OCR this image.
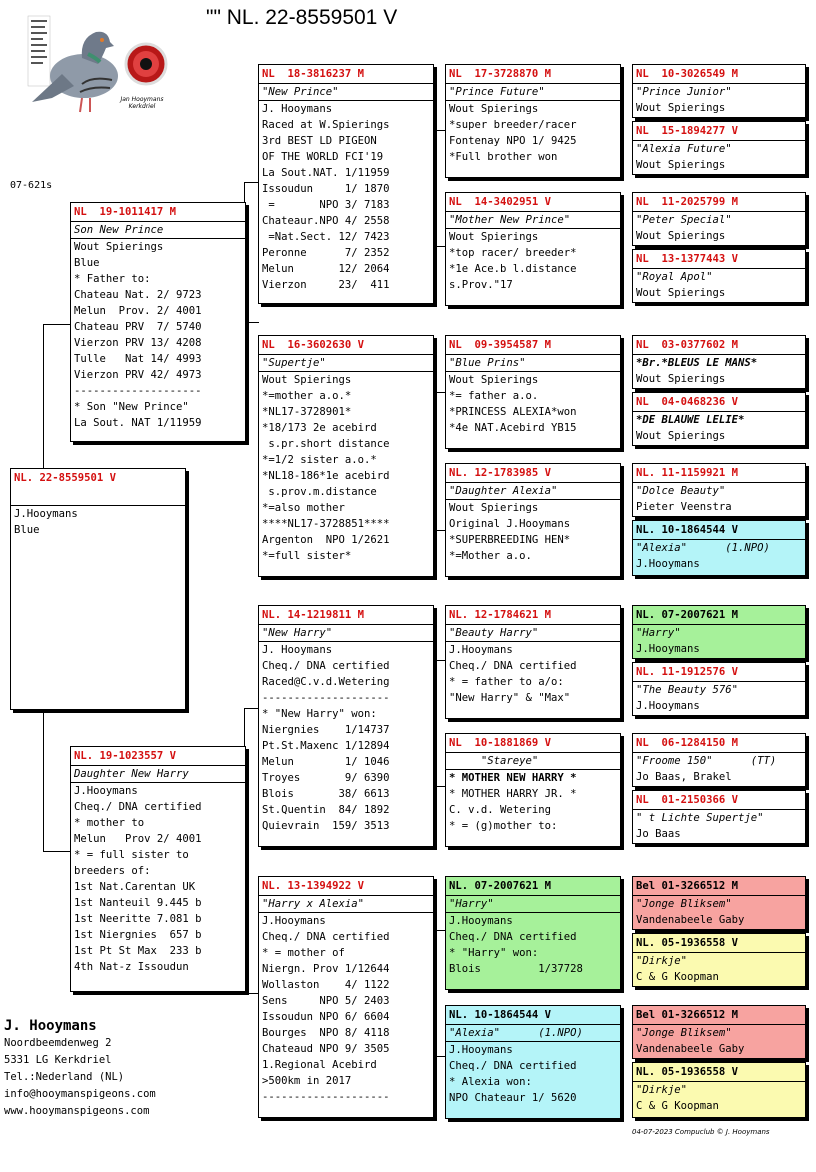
"" NL. 22-8559501 V
Jan Hooymans
Kerkdriel
07-621s
NL. 22-8559501 V
J.Hooymans
Blue
NL  19-1011417 M
Son New Prince
Wout Spierings
Blue
* Father to:
Chateau Nat. 2/ 9723
Melun  Prov. 2/ 4001
Chateau PRV  7/ 5740
Vierzon PRV 13/ 4208
Tulle   Nat 14/ 4993
Vierzon PRV 42/ 4973
--------------------
* Son "New Prince"
La Sout. NAT 1/11959
NL. 19-1023557 V
Daughter New Harry
J.Hooymans
Cheq./ DNA certified
* mother to
Melun   Prov 2/ 4001
* = full sister to
breeders of:
1st Nat.Carentan UK
1st Nanteuil 9.445 b
1st Neeritte 7.081 b
1st Niergnies  657 b
1st Pt St Max  233 b
4th Nat-z Issoudun
NL  18-3816237 M
"New Prince"
J. Hooymans
Raced at W.Spierings
3rd BEST LD PIGEON
OF THE WORLD FCI'19
La Sout.NAT. 1/11959
Issoudun     1/ 1870
=       NPO 3/ 7183
Chateaur.NPO 4/ 2558
=Nat.Sect. 12/ 7423
Peronne      7/ 2352
Melun       12/ 2064
Vierzon     23/  411
NL  16-3602630 V
"Supertje"
Wout Spierings
*=mother a.o.*
*NL17-3728901*
*18/173 2e acebird
s.pr.short distance
*=1/2 sister a.o.*
*NL18-186*1e acebird
s.prov.m.distance
*=also mother
****NL17-3728851****
Argenton  NPO 1/2621
*=full sister*
NL. 14-1219811 M
"New Harry"
J. Hooymans
Cheq./ DNA certified
Raced@C.v.d.Wetering
--------------------
* "New Harry" won:
Niergnies    1/14737
Pt.St.Maxenc 1/12894
Melun        1/ 1046
Troyes       9/ 6390
Blois       38/ 6613
St.Quentin  84/ 1892
Quievrain  159/ 3513
NL. 13-1394922 V
"Harry x Alexia"
J.Hooymans
Cheq./ DNA certified
* = mother of
Niergn. Prov 1/12644
Wollaston    4/ 1122
Sens     NPO 5/ 2403
Issoudun NPO 6/ 6604
Bourges  NPO 8/ 4118
Chateaud NPO 9/ 3505
1.Regional Acebird
>500km in 2017
--------------------
NL  17-3728870 M
"Prince Future"
Wout Spierings
*super breeder/racer
Fontenay NPO 1/ 9425
*Full brother won
NL  14-3402951 V
"Mother New Prince"
Wout Spierings
*top racer/ breeder*
*1e Ace.b l.distance
s.Prov."17
NL  09-3954587 M
"Blue Prins"
Wout Spierings
*= father a.o.
*PRINCESS ALEXIA*won
*4e NAT.Acebird YB15
NL. 12-1783985 V
"Daughter Alexia"
Wout Spierings
Original J.Hooymans
*SUPERBREEDING HEN*
*=Mother a.o.
NL. 12-1784621 M
"Beauty Harry"
J.Hooymans
Cheq./ DNA certified
* = father to a/o:
"New Harry" & "Max"
NL  10-1881869 V
"Stareye"
* MOTHER NEW HARRY *
* MOTHER HARRY JR. *
C. v.d. Wetering
* = (g)mother to:
NL. 07-2007621 M
"Harry"
J.Hooymans
Cheq./ DNA certified
* "Harry" won:
Blois         1/37728
NL. 10-1864544 V
"Alexia"      (1.NPO)
J.Hooymans
Cheq./ DNA certified
* Alexia won:
NPO Chateaur 1/ 5620
NL  10-3026549 M
"Prince Junior"
Wout Spierings
NL  15-1894277 V
"Alexia Future"
Wout Spierings
NL  11-2025799 M
"Peter Special"
Wout Spierings
NL  13-1377443 V
"Royal Apol"
Wout Spierings
NL  03-0377602 M
*Br.*BLEUS LE MANS*
Wout Spierings
NL  04-0468236 V
*DE BLAUWE LELIE*
Wout Spierings
NL. 11-1159921 M
"Dolce Beauty"
Pieter Veenstra
NL. 10-1864544 V
"Alexia"      (1.NPO)
J.Hooymans
NL. 07-2007621 M
"Harry"
J.Hooymans
NL. 11-1912576 V
"The Beauty 576"
J.Hooymans
NL  06-1284150 M
"Froome 150"      (TT)
Jo Baas, Brakel
NL  01-2150366 V
" t Lichte Supertje"
Jo Baas
Bel 01-3266512 M
"Jonge Bliksem"
Vandenabeele Gaby
NL. 05-1936558 V
"Dirkje"
C & G Koopman
Bel 01-3266512 M
"Jonge Bliksem"
Vandenabeele Gaby
NL. 05-1936558 V
"Dirkje"
C & G Koopman
J. Hooymans
Noordbeemdenweg 2
5331 LG Kerkdriel
Tel.:Nederland (NL)
info@hooymanspigeons.com
www.hooymanspigeons.com
04-07-2023 Compuclub © J. Hooymans
